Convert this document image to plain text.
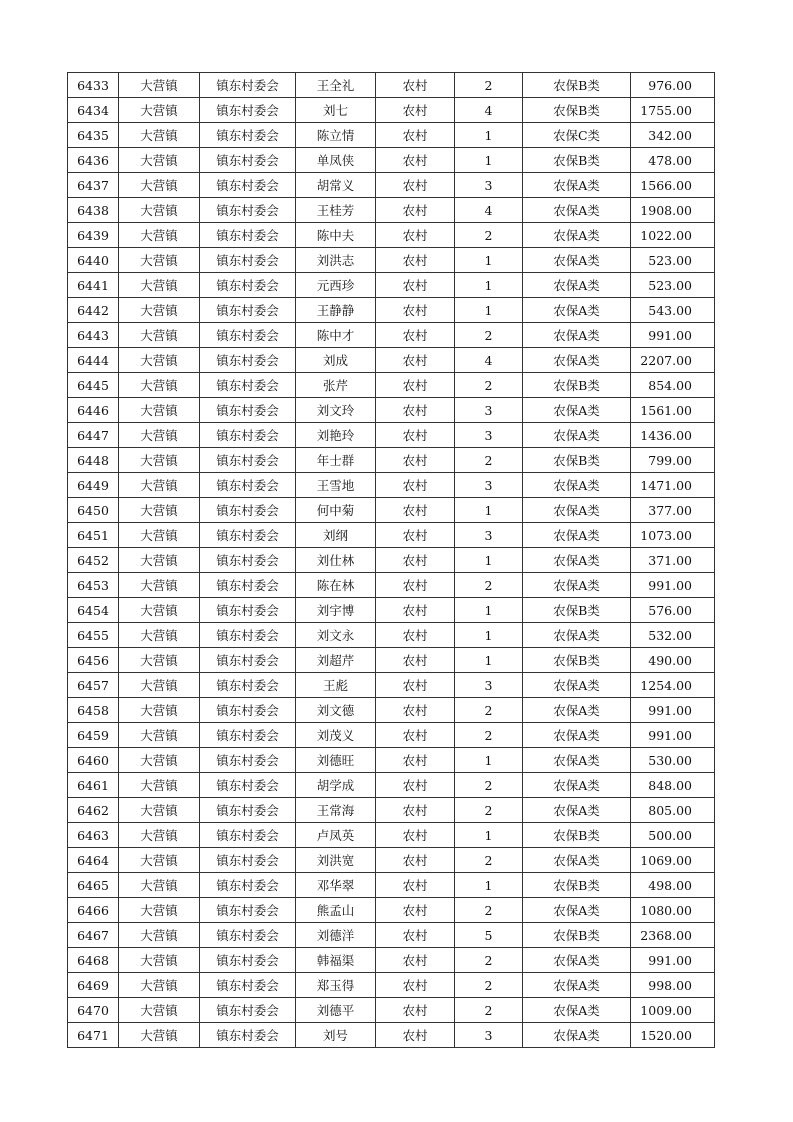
6433	大营镇	镇东村委会	王全礼	农村	2	农保B类	976.00
6434	大营镇	镇东村委会	刘七	农村	4	农保B类	1755.00
6435	大营镇	镇东村委会	陈立情	农村	1	农保C类	342.00
6436	大营镇	镇东村委会	单凤侠	农村	1	农保B类	478.00
6437	大营镇	镇东村委会	胡常义	农村	3	农保A类	1566.00
6438	大营镇	镇东村委会	王桂芳	农村	4	农保A类	1908.00
6439	大营镇	镇东村委会	陈中夫	农村	2	农保A类	1022.00
6440	大营镇	镇东村委会	刘洪志	农村	1	农保A类	523.00
6441	大营镇	镇东村委会	元西珍	农村	1	农保A类	523.00
6442	大营镇	镇东村委会	王静静	农村	1	农保A类	543.00
6443	大营镇	镇东村委会	陈中才	农村	2	农保A类	991.00
6444	大营镇	镇东村委会	刘成	农村	4	农保A类	2207.00
6445	大营镇	镇东村委会	张芹	农村	2	农保B类	854.00
6446	大营镇	镇东村委会	刘文玲	农村	3	农保A类	1561.00
6447	大营镇	镇东村委会	刘艳玲	农村	3	农保A类	1436.00
6448	大营镇	镇东村委会	年士群	农村	2	农保B类	799.00
6449	大营镇	镇东村委会	王雪地	农村	3	农保A类	1471.00
6450	大营镇	镇东村委会	何中菊	农村	1	农保A类	377.00
6451	大营镇	镇东村委会	刘纲	农村	3	农保A类	1073.00
6452	大营镇	镇东村委会	刘仕林	农村	1	农保A类	371.00
6453	大营镇	镇东村委会	陈在林	农村	2	农保A类	991.00
6454	大营镇	镇东村委会	刘宇博	农村	1	农保B类	576.00
6455	大营镇	镇东村委会	刘文永	农村	1	农保A类	532.00
6456	大营镇	镇东村委会	刘超芹	农村	1	农保B类	490.00
6457	大营镇	镇东村委会	王彪	农村	3	农保A类	1254.00
6458	大营镇	镇东村委会	刘文德	农村	2	农保A类	991.00
6459	大营镇	镇东村委会	刘茂义	农村	2	农保A类	991.00
6460	大营镇	镇东村委会	刘德旺	农村	1	农保A类	530.00
6461	大营镇	镇东村委会	胡学成	农村	2	农保A类	848.00
6462	大营镇	镇东村委会	王常海	农村	2	农保A类	805.00
6463	大营镇	镇东村委会	卢凤英	农村	1	农保B类	500.00
6464	大营镇	镇东村委会	刘洪宽	农村	2	农保A类	1069.00
6465	大营镇	镇东村委会	邓华翠	农村	1	农保B类	498.00
6466	大营镇	镇东村委会	熊孟山	农村	2	农保A类	1080.00
6467	大营镇	镇东村委会	刘德洋	农村	5	农保B类	2368.00
6468	大营镇	镇东村委会	韩福渠	农村	2	农保A类	991.00
6469	大营镇	镇东村委会	郑玉得	农村	2	农保A类	998.00
6470	大营镇	镇东村委会	刘德平	农村	2	农保A类	1009.00
6471	大营镇	镇东村委会	刘号	农村	3	农保A类	1520.00
